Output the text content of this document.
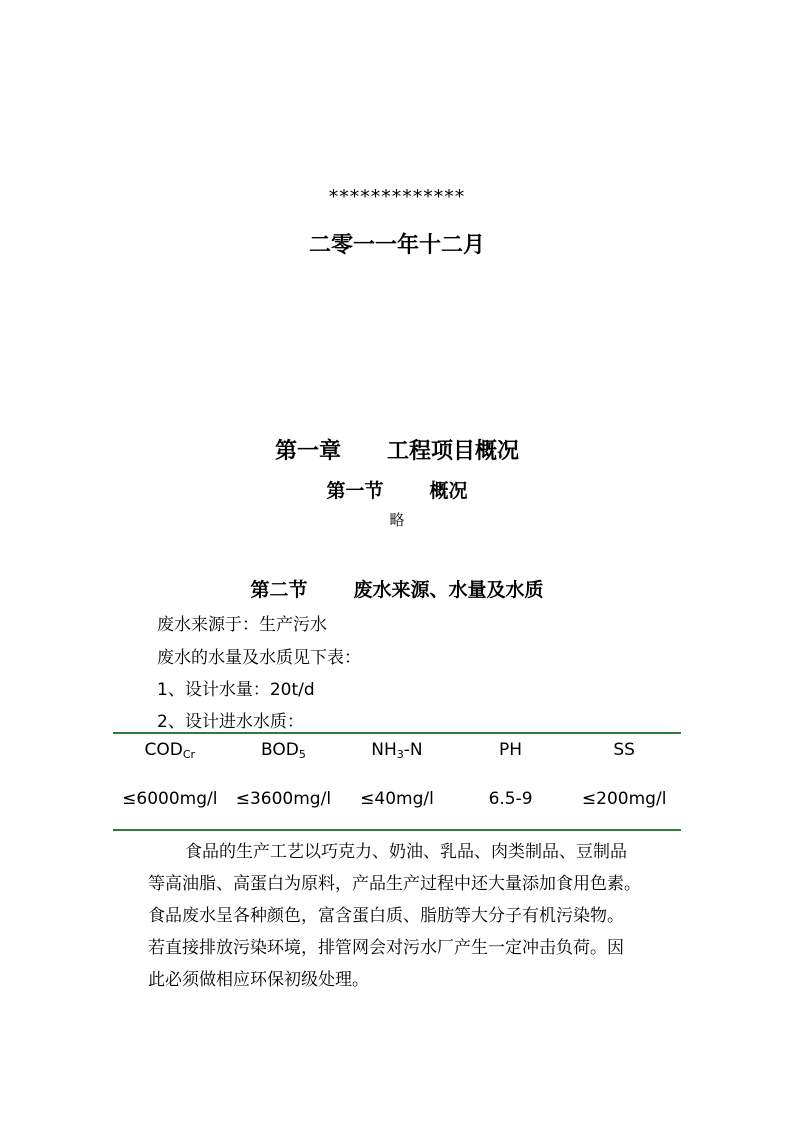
*************
二零一一年十二月
第一章 工程项目概况
第一节 概况
略
第二节 废水来源、水量及水质
废水来源于：生产污水
废水的水量及水质见下表：
1、设计水量：20t/d
2、设计进水水质：
$COD_{Cr}$	$BOD_5$	$NH_3-N$	PH	SS
≤6000mg/l	≤3600mg/l	≤40mg/l	6.5-9	≤200mg/l
食品的生产工艺以巧克力、奶油、乳品、肉类制品、豆制品
等高油脂、高蛋白为原料，产品生产过程中还大量添加食用色素。
食品废水呈各种颜色，富含蛋白质、脂肪等大分子有机污染物。
若直接排放污染环境，排管网会对污水厂产生一定冲击负荷。因
此必须做相应环保初级处理。
